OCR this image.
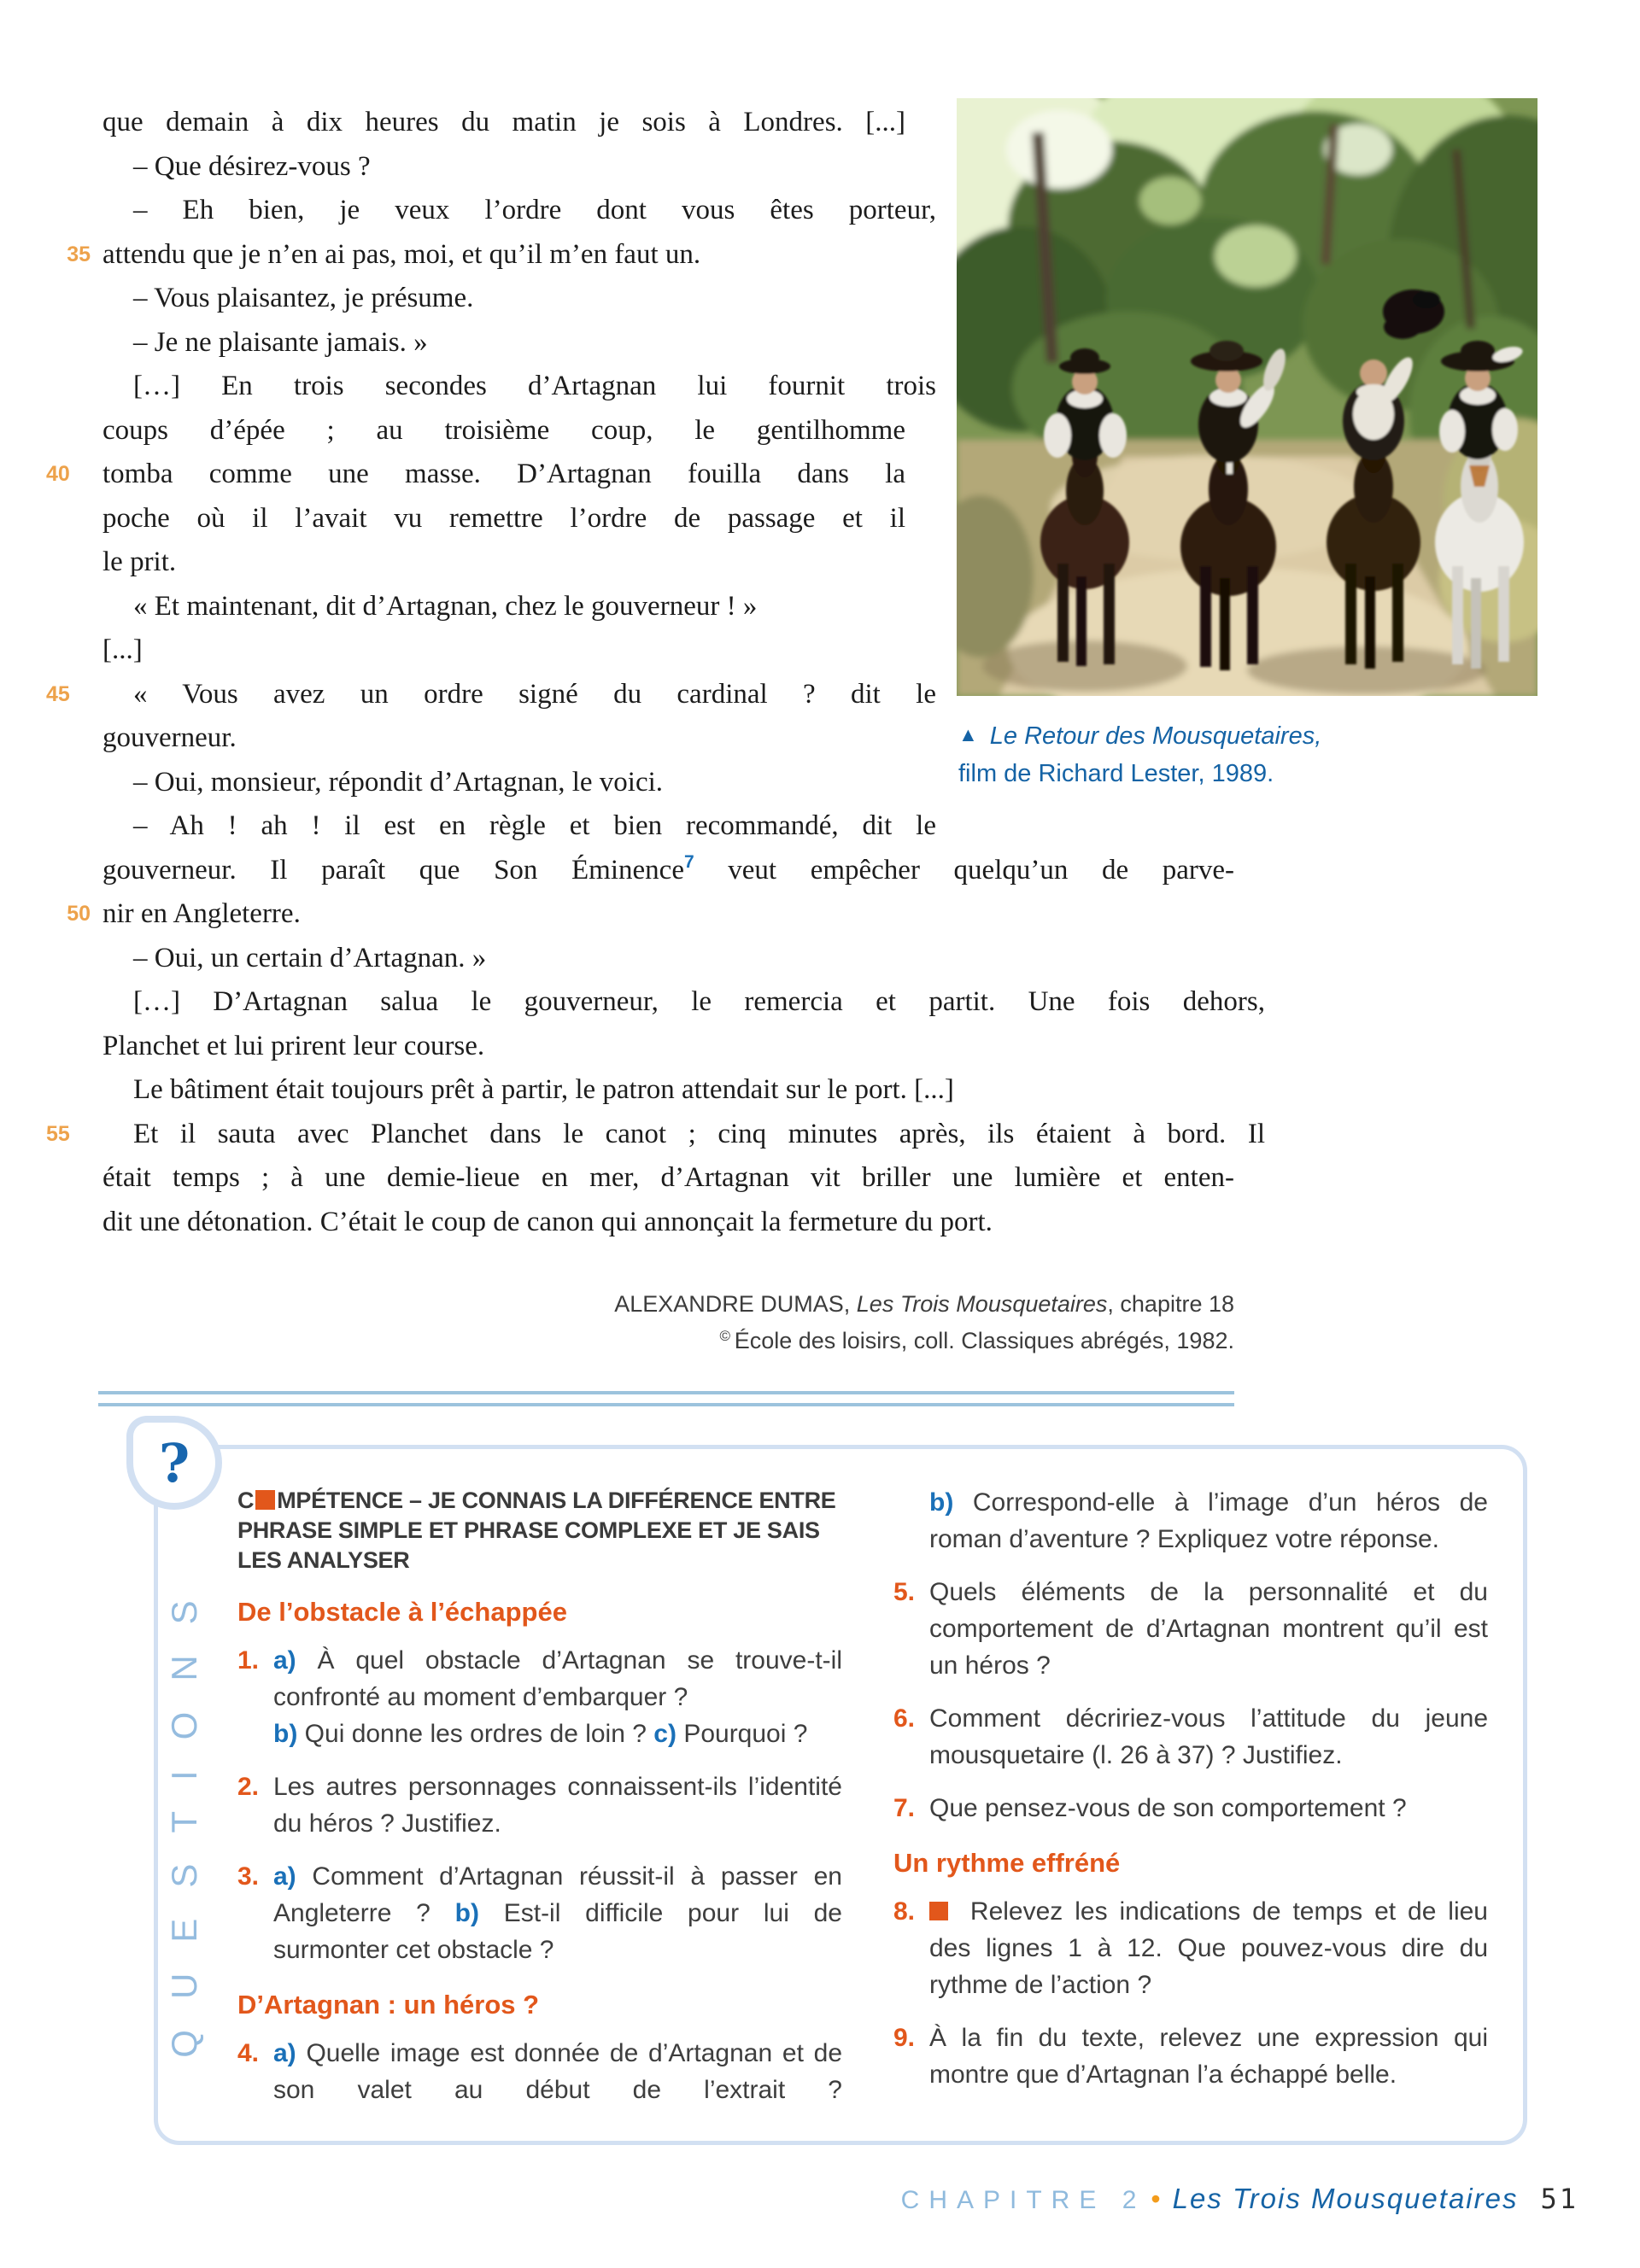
que demain à dix heures du matin je sois à Londres. [...]
– Que désirez-vous ?
– Eh bien, je veux l’ordre dont vous êtes porteur,
35 attendu que je n’en ai pas, moi, et qu’il m’en faut un.
– Vous plaisantez, je présume.
– Je ne plaisante jamais. »
[…] En trois secondes d’Artagnan lui fournit trois
coups d’épée ; au troisième coup, le gentilhomme
40	tomba comme une masse. D’Artagnan fouilla dans la
poche où il l’avait vu remettre l’ordre de passage et il
le prit.
« Et maintenant, dit d’Artagnan, chez le gouverneur ! »
[...]
45	« Vous avez un ordre signé du cardinal ? dit le
gouverneur.
– Oui, monsieur, répondit d’Artagnan, le voici.
– Ah ! ah ! il est en règle et bien recommandé, dit le
gouverneur. Il paraît que Son Éminence$^7$ veut empêcher quelqu’un de parve-
50 nir en Angleterre.
– Oui, un certain d’Artagnan. »
[…] D’Artagnan salua le gouverneur, le remercia et partit. Une fois dehors,
Planchet et lui prirent leur course.
Le bâtiment était toujours prêt à partir, le patron attendait sur le port. [...]
55	Et il sauta avec Planchet dans le canot ; cinq minutes après, ils étaient à bord. Il
était temps ; à une demie-lieue en mer, d’Artagnan vit briller une lumière et enten-
dit une détonation. C’était le coup de canon qui annonçait la fermeture du port.
▲ Le Retour des Mousquetaires,
film de Richard Lester, 1989.
ALEXANDRE DUMAS, Les Trois Mousquetaires, chapitre 18
© École des loisirs, coll. Classiques abrégés, 1982.
?
QUESTIONS
C MPÉTENCE – JE CONNAIS LA DIFFÉRENCE ENTRE
PHRASE SIMPLE ET PHRASE COMPLEXE ET JE SAIS
LES ANALYSER
De l’obstacle à l’échappée
1. a) À quel obstacle d’Artagnan se trouve-t-il confronté au moment d’embarquer ?
b) Qui donne les ordres de loin ? c) Pourquoi ?
2. Les autres personnages connaissent-ils l’identité du héros ? Justifiez.
3. a) Comment d’Artagnan réussit-il à passer en Angleterre ? b) Est-il difficile pour lui de surmonter cet obstacle ?
D’Artagnan : un héros ?
4. a) Quelle image est donnée de d’Artagnan et de son valet au début de l’extrait ?
b) Correspond-elle à l’image d’un héros de roman d’aventure ? Expliquez votre réponse.
5. Quels éléments de la personnalité et du comportement de d’Artagnan montrent qu’il est un héros ?
6. Comment décririez-vous l’attitude du jeune mousquetaire (l. 26 à 37) ? Justifiez.
7. Que pensez-vous de son comportement ?
Un rythme effréné
8.	Relevez les indications de temps et de lieu des lignes 1 à 12. Que pouvez-vous dire du rythme de l’action ?
9. À la fin du texte, relevez une expression qui montre que d’Artagnan l’a échappé belle.
CHAPITRE 2 • Les Trois Mousquetaires 51
